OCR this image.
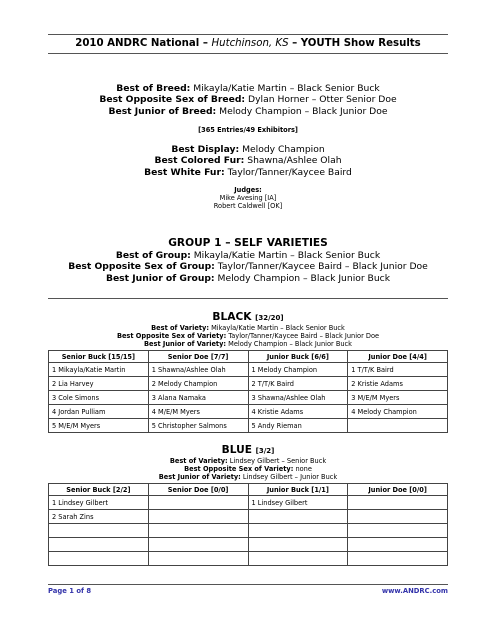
2010 ANDRC National – Hutchinson, KS – YOUTH Show Results
Best of Breed: Mikayla/Katie Martin – Black Senior Buck
Best Opposite Sex of Breed: Dylan Horner – Otter Senior Doe
Best Junior of Breed: Melody Champion – Black Junior Doe
[365 Entries/49 Exhibitors]
Best Display: Melody Champion
Best Colored Fur: Shawna/Ashlee Olah
Best White Fur: Taylor/Tanner/Kaycee Baird
Judges:
Mike Avesing [IA]
Robert Caldwell [OK]
GROUP 1 – SELF VARIETIES
Best of Group: Mikayla/Katie Martin – Black Senior Buck
Best Opposite Sex of Group: Taylor/Tanner/Kaycee Baird – Black Junior Doe
Best Junior of Group: Melody Champion – Black Junior Buck
BLACK [32/20]
Best of Variety: Mikayla/Katie Martin – Black Senior Buck
Best Opposite Sex of Variety: Taylor/Tanner/Kaycee Baird – Black Junior Doe
Best Junior of Variety: Melody Champion – Black Junior Buck
Senior Buck [15/15]	Senior Doe [7/7]	Junior Buck [6/6]	Junior Doe [4/4]
1 Mikayla/Katie Martin	1 Shawna/Ashlee Olah	1 Melody Champion	1 T/T/K Baird
2 Lia Harvey	2 Melody Champion	2 T/T/K Baird	2 Kristie Adams
3 Cole Simons	3 Alana Namaka	3 Shawna/Ashlee Olah	3 M/E/M Myers
4 Jordan Pulliam	4 M/E/M Myers	4 Kristie Adams	4 Melody Champion
5 M/E/M Myers	5 Christopher Salmons	5 Andy Rieman	
BLUE [3/2]
Best of Variety: Lindsey Gilbert – Senior Buck
Best Opposite Sex of Variety: none
Best Junior of Variety: Lindsey Gilbert – Junior Buck
Senior Buck [2/2]	Senior Doe [0/0]	Junior Buck [1/1]	Junior Doe [0/0]
1 Lindsey Gilbert		1 Lindsey Gilbert	
2 Sarah Zins			

Page 1 of 8	www.ANDRC.com
